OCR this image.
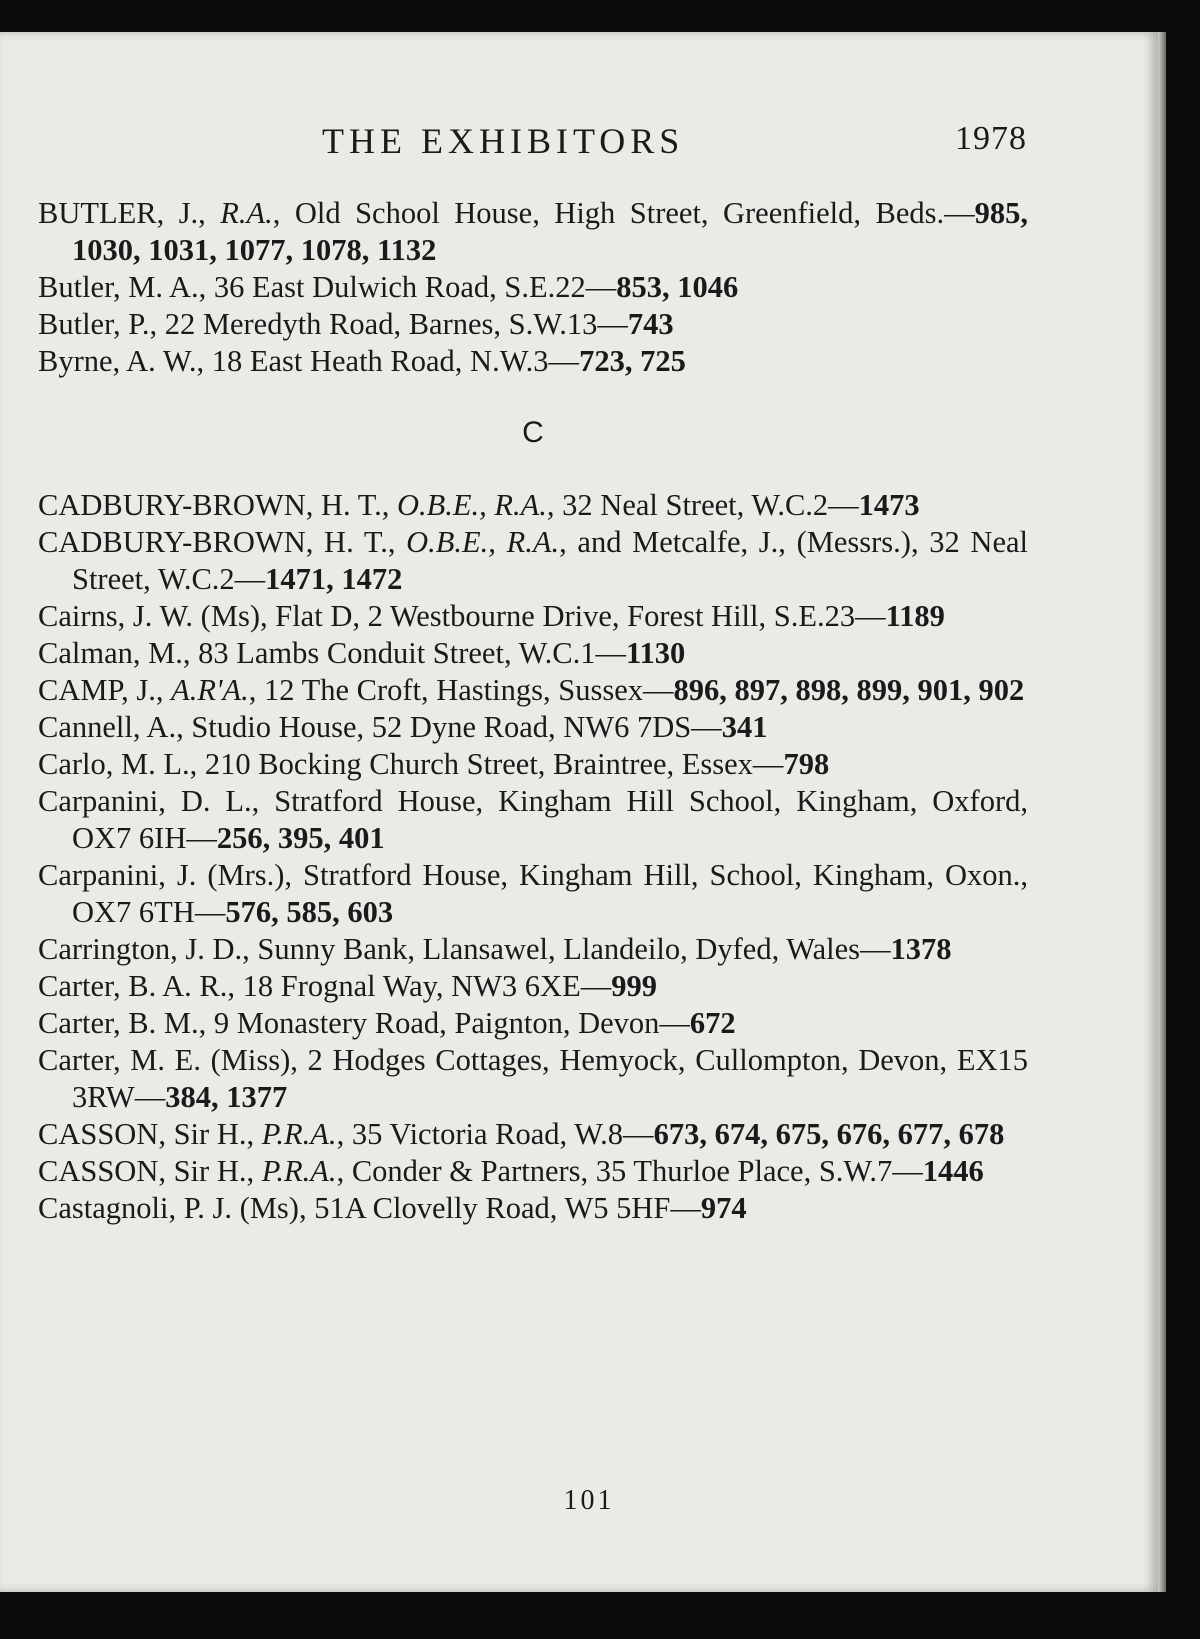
THE EXHIBITORS	1978
BUTLER, J., R.A., Old School House, High Street, Greenfield, Beds.—985, 1030, 1031, 1077, 1078, 1132
Butler, M. A., 36 East Dulwich Road, S.E.22—853, 1046
Butler, P., 22 Meredyth Road, Barnes, S.W.13—743
Byrne, A. W., 18 East Heath Road, N.W.3—723, 725
C
CADBURY-BROWN, H. T., O.B.E., R.A., 32 Neal Street, W.C.2—1473
CADBURY-BROWN, H. T., O.B.E., R.A., and Metcalfe, J., (Messrs.), 32 Neal Street, W.C.2—1471, 1472
Cairns, J. W. (Ms), Flat D, 2 Westbourne Drive, Forest Hill, S.E.23—1189
Calman, M., 83 Lambs Conduit Street, W.C.1—1130
CAMP, J., A.R'A., 12 The Croft, Hastings, Sussex—896, 897, 898, 899, 901, 902
Cannell, A., Studio House, 52 Dyne Road, NW6 7DS—341
Carlo, M. L., 210 Bocking Church Street, Braintree, Essex—798
Carpanini, D. L., Stratford House, Kingham Hill School, Kingham, Oxford, OX7 6IH—256, 395, 401
Carpanini, J. (Mrs.), Stratford House, Kingham Hill, School, Kingham, Oxon., OX7 6TH—576, 585, 603
Carrington, J. D., Sunny Bank, Llansawel, Llandeilo, Dyfed, Wales—1378
Carter, B. A. R., 18 Frognal Way, NW3 6XE—999
Carter, B. M., 9 Monastery Road, Paignton, Devon—672
Carter, M. E. (Miss), 2 Hodges Cottages, Hemyock, Cullompton, Devon, EX15 3RW—384, 1377
CASSON, Sir H., P.R.A., 35 Victoria Road, W.8—673, 674, 675, 676, 677, 678
CASSON, Sir H., P.R.A., Conder & Partners, 35 Thurloe Place, S.W.7—1446
Castagnoli, P. J. (Ms), 51A Clovelly Road, W5 5HF—974
101
